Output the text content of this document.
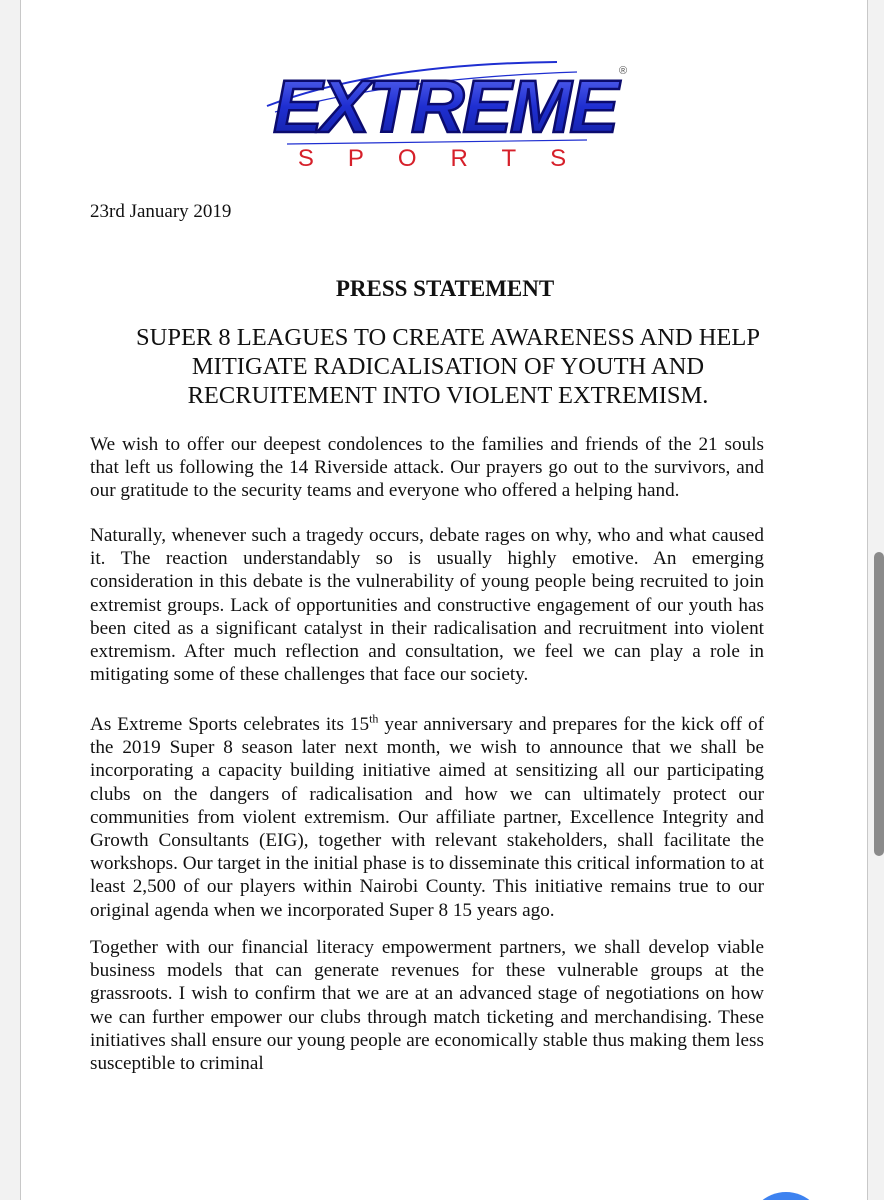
EXTREME ®
SPORTS
23rd January 2019
PRESS STATEMENT
SUPER 8 LEAGUES TO CREATE AWARENESS AND HELP
MITIGATE RADICALISATION OF YOUTH AND
RECRUITEMENT INTO VIOLENT EXTREMISM.

We wish to offer our deepest condolences to the families and friends of the 21 souls that left us following the 14 Riverside attack. Our prayers go out to the survivors, and our gratitude to the security teams and everyone who offered a helping hand.

Naturally, whenever such a tragedy occurs, debate rages on why, who and what caused it. The reaction understandably so is usually highly emotive. An emerging consideration in this debate is the vulnerability of young people being recruited to join extremist groups. Lack of opportunities and constructive engagement of our youth has been cited as a significant catalyst in their radicalisation and recruitment into violent extremism. After much reflection and consultation, we feel we can play a role in mitigating some of these challenges that face our society.

As Extreme Sports celebrates its 15th year anniversary and prepares for the kick off of the 2019 Super 8 season later next month, we wish to announce that we shall be incorporating a capacity building initiative aimed at sensitizing all our participating clubs on the dangers of radicalisation and how we can ultimately protect our communities from violent extremism. Our affiliate partner, Excellence Integrity and Growth Consultants (EIG), together with relevant stakeholders, shall facilitate the workshops. Our target in the initial phase is to disseminate this critical information to at least 2,500 of our players within Nairobi County. This initiative remains true to our original agenda when we incorporated Super 8 15 years ago.

Together with our financial literacy empowerment partners, we shall develop viable business models that can generate revenues for these vulnerable groups at the grassroots. I wish to confirm that we are at an advanced stage of negotiations on how we can further empower our clubs through match ticketing and merchandising. These initiatives shall ensure our young people are economically stable thus making them less susceptible to criminal
